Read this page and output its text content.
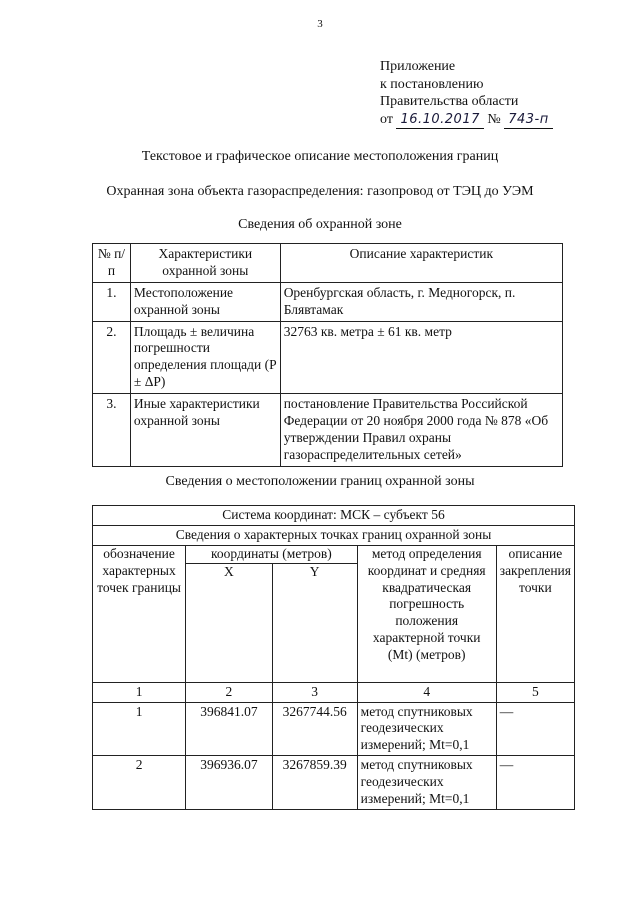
3
Приложение
к постановлению
Правительства области
от 16.10.2017 № 743-п
Текстовое и графическое описание местоположения границ
Охранная зона объекта газораспределения: газопровод от ТЭЦ до УЭМ
Сведения об охранной зоне
№ п/п	Характеристики охранной зоны	Описание характеристик
1.	Местоположение охранной зоны	Оренбургская область, г. Медногорск, п. Блявтамак
2.	Площадь ± величина погрешности определения площади (P ± ΔP)	32763 кв. метра ± 61 кв. метр
3.	Иные характеристики охранной зоны	постановление Правительства Российской Федерации от 20 ноября 2000 года № 878 «Об утверждении Правил охраны газораспределительных сетей»
Сведения о местоположении границ охранной зоны
Система координат: МСК – субъект 56				
Сведения о характерных точках границ охранной зоны				
обозначение характерных точек границы	координаты (метров)		метод определения координат и средняя квадратическая погрешность положения характерной точки (Mt) (метров)	описание закрепления точки
	X	Y		
1	2	3	4	5
1	396841.07	3267744.56	метод спутниковых геодезических измерений; Mt=0,1	—
2	396936.07	3267859.39	метод спутниковых геодезических измерений; Mt=0,1	—
